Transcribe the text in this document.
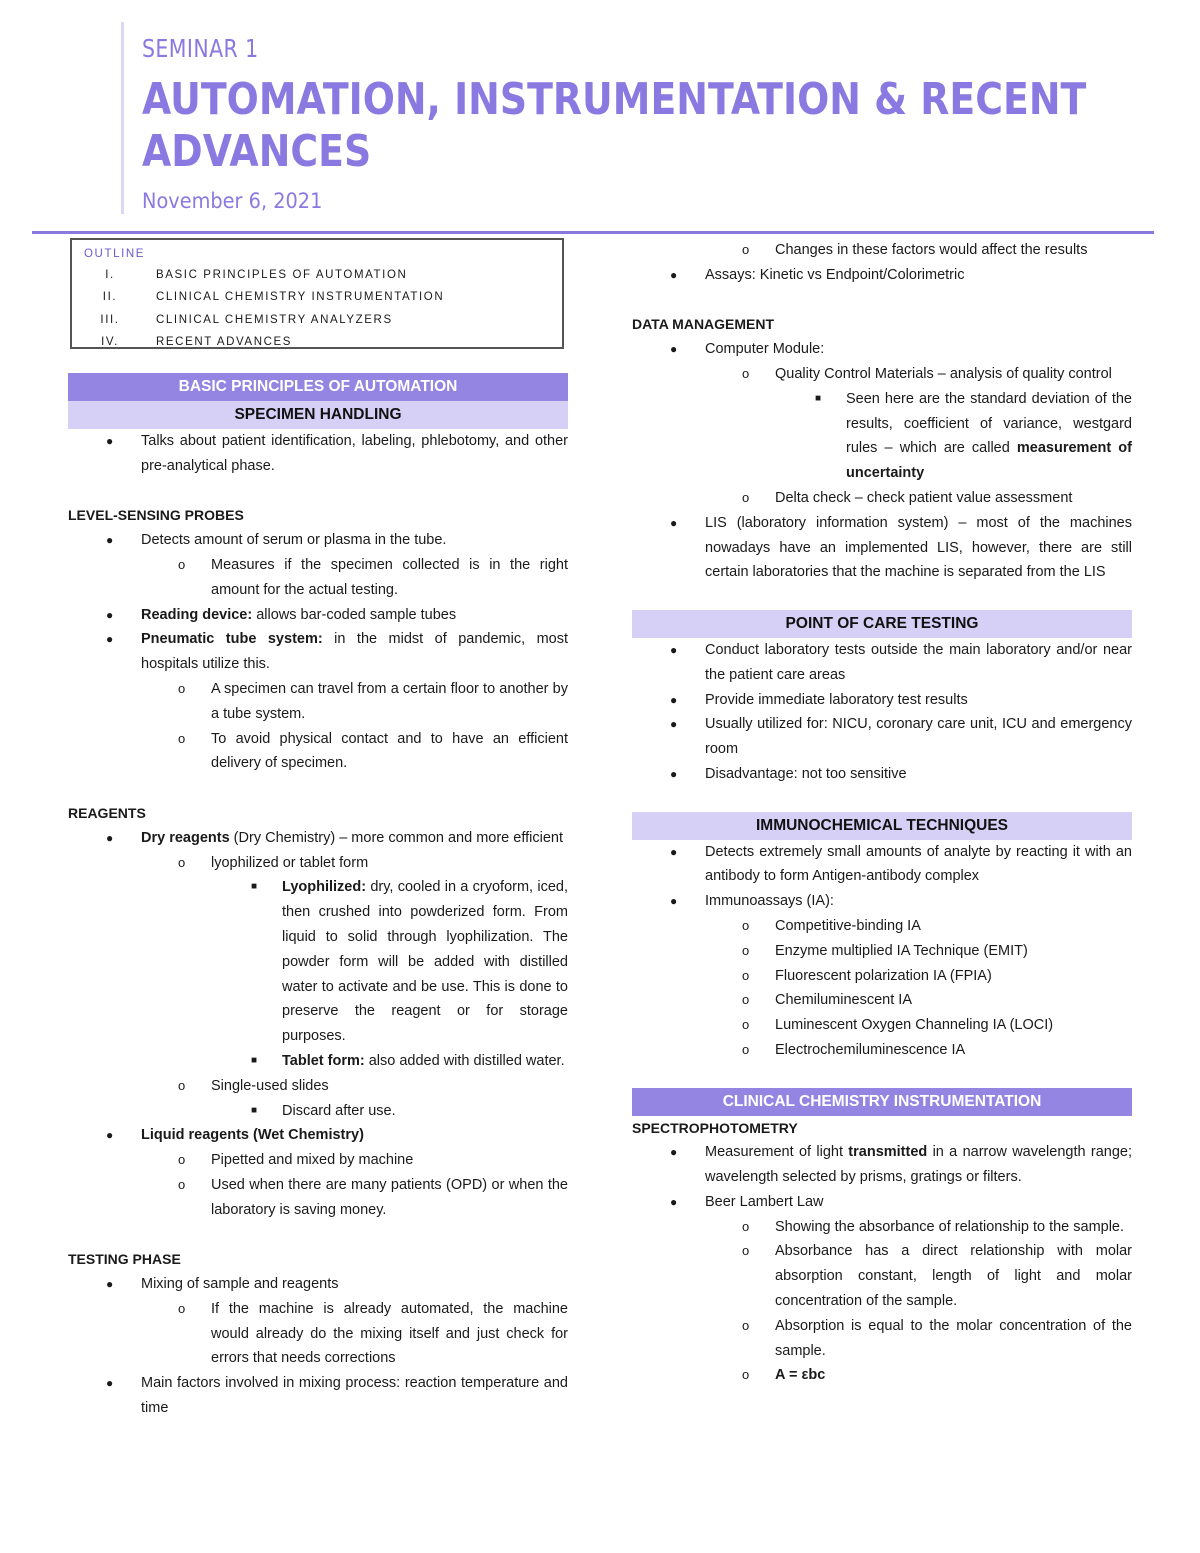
SEMINAR 1
AUTOMATION, INSTRUMENTATION & RECENT ADVANCES
November 6, 2021
OUTLINE
I.	BASIC PRINCIPLES OF AUTOMATION
II.	CLINICAL CHEMISTRY INSTRUMENTATION
III.	CLINICAL CHEMISTRY ANALYZERS
IV.	RECENT ADVANCES
BASIC PRINCIPLES OF AUTOMATION
SPECIMEN HANDLING
● Talks about patient identification, labeling, phlebotomy, and other pre-analytical phase.
LEVEL-SENSING PROBES
● Detects amount of serum or plasma in the tube.
o Measures if the specimen collected is in the right amount for the actual testing.
● Reading device: allows bar-coded sample tubes
● Pneumatic tube system: in the midst of pandemic, most hospitals utilize this.
o A specimen can travel from a certain floor to another by a tube system.
o To avoid physical contact and to have an efficient delivery of specimen.
REAGENTS
● Dry reagents (Dry Chemistry) – more common and more efficient
o lyophilized or tablet form
■ Lyophilized: dry, cooled in a cryoform, iced, then crushed into powderized form. From liquid to solid through lyophilization. The powder form will be added with distilled water to activate and be use. This is done to preserve the reagent or for storage purposes.
■ Tablet form: also added with distilled water.
o Single-used slides
■ Discard after use.
● Liquid reagents (Wet Chemistry)
o Pipetted and mixed by machine
o Used when there are many patients (OPD) or when the laboratory is saving money.
TESTING PHASE
● Mixing of sample and reagents
o If the machine is already automated, the machine would already do the mixing itself and just check for errors that needs corrections
● Main factors involved in mixing process: reaction temperature and time
o Changes in these factors would affect the results
● Assays: Kinetic vs Endpoint/Colorimetric
DATA MANAGEMENT
● Computer Module:
o Quality Control Materials – analysis of quality control
■ Seen here are the standard deviation of the results, coefficient of variance, westgard rules – which are called measurement of uncertainty
o Delta check – check patient value assessment
● LIS (laboratory information system) – most of the machines nowadays have an implemented LIS, however, there are still certain laboratories that the machine is separated from the LIS
POINT OF CARE TESTING
● Conduct laboratory tests outside the main laboratory and/or near the patient care areas
● Provide immediate laboratory test results
● Usually utilized for: NICU, coronary care unit, ICU and emergency room
● Disadvantage: not too sensitive
IMMUNOCHEMICAL TECHNIQUES
● Detects extremely small amounts of analyte by reacting it with an antibody to form Antigen-antibody complex
● Immunoassays (IA):
o Competitive-binding IA
o Enzyme multiplied IA Technique (EMIT)
o Fluorescent polarization IA (FPIA)
o Chemiluminescent IA
o Luminescent Oxygen Channeling IA (LOCI)
o Electrochemiluminescence IA
CLINICAL CHEMISTRY INSTRUMENTATION
SPECTROPHOTOMETRY
● Measurement of light transmitted in a narrow wavelength range; wavelength selected by prisms, gratings or filters.
● Beer Lambert Law
o Showing the absorbance of relationship to the sample.
o Absorbance has a direct relationship with molar absorption constant, length of light and molar concentration of the sample.
o Absorption is equal to the molar concentration of the sample.
o A = εbc
